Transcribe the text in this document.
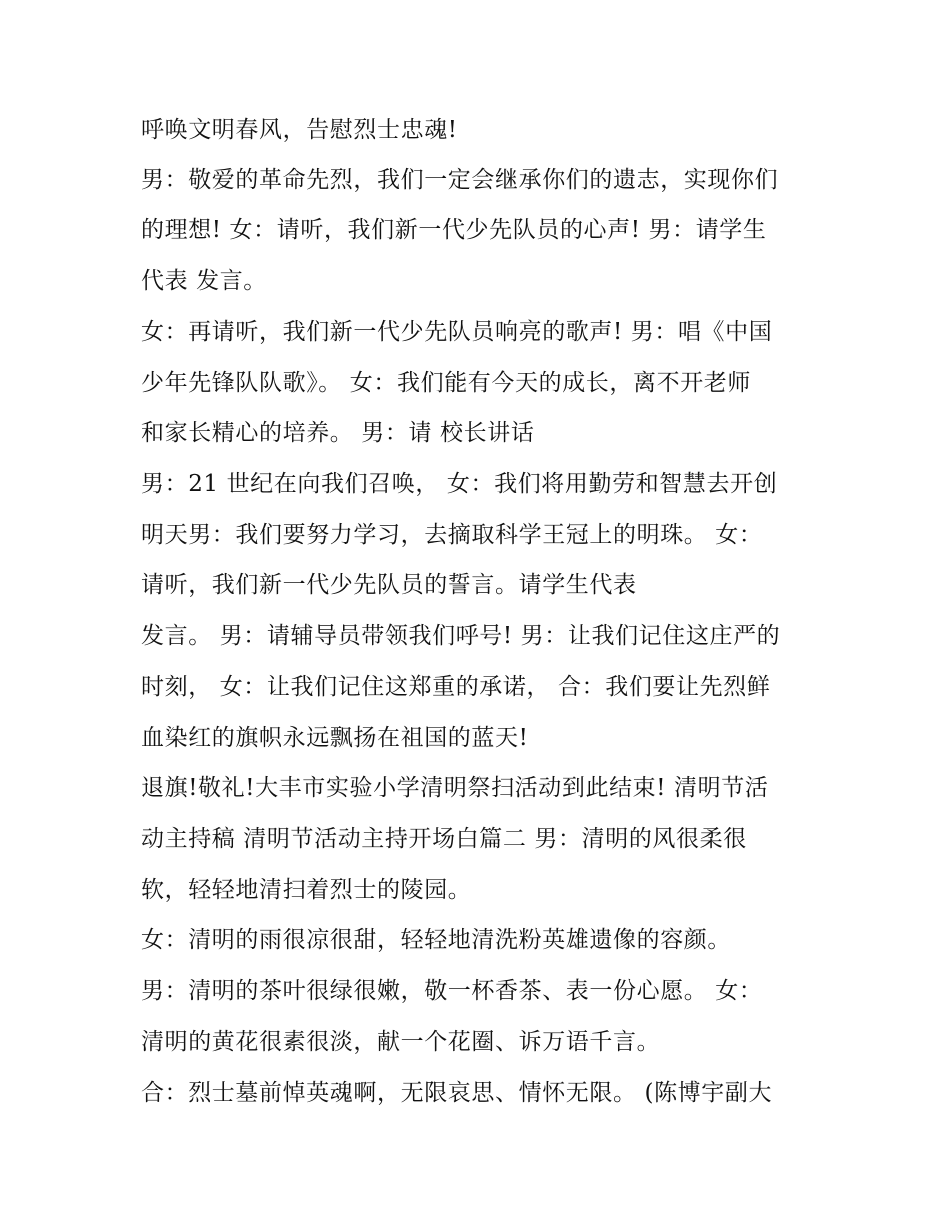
呼唤文明春风，告慰烈士忠魂!
男：敬爱的革命先烈，我们一定会继承你们的遗志，实现你们
的理想! 女：请听，我们新一代少先队员的心声! 男：请学生
代表 发言。
女：再请听，我们新一代少先队员响亮的歌声! 男：唱《中国
少年先锋队队歌》。 女：我们能有今天的成长，离不开老师
和家长精心的培养。 男：请 校长讲话
男：21 世纪在向我们召唤， 女：我们将用勤劳和智慧去开创
明天男：我们要努力学习，去摘取科学王冠上的明珠。 女：
请听，我们新一代少先队员的誓言。请学生代表
发言。 男：请辅导员带领我们呼号! 男：让我们记住这庄严的
时刻， 女：让我们记住这郑重的承诺， 合：我们要让先烈鲜
血染红的旗帜永远飘扬在祖国的蓝天!
退旗!敬礼!大丰市实验小学清明祭扫活动到此结束! 清明节活
动主持稿 清明节活动主持开场白篇二 男：清明的风很柔很
软，轻轻地清扫着烈士的陵园。
女：清明的雨很凉很甜，轻轻地清洗粉英雄遗像的容颜。
男：清明的茶叶很绿很嫩，敬一杯香茶、表一份心愿。 女：
清明的黄花很素很淡，献一个花圈、诉万语千言。
合：烈士墓前悼英魂啊，无限哀思、情怀无限。 (陈博宇副大
